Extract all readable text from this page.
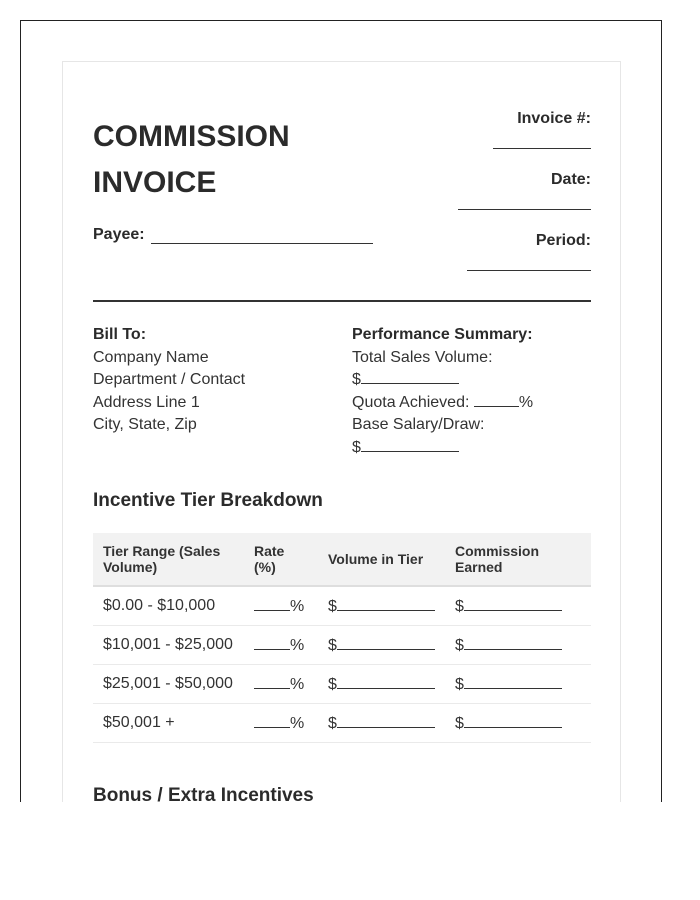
COMMISSION
INVOICE
Payee:
Invoice #:
Date:
Period:
Bill To:
Company Name
Department / Contact
Address Line 1
City, State, Zip
Performance Summary:
Total Sales Volume:
$
Quota Achieved:	%
Base Salary/Draw:
$
Incentive Tier Breakdown
Tier Range (Sales Volume)	Rate (%)	Volume in Tier	Commission Earned
$0.00 - $10,000	%	$	$
$10,001 - $25,000	%	$	$
$25,001 - $50,000	%	$	$
$50,001 +	%	$	$
Bonus / Extra Incentives
